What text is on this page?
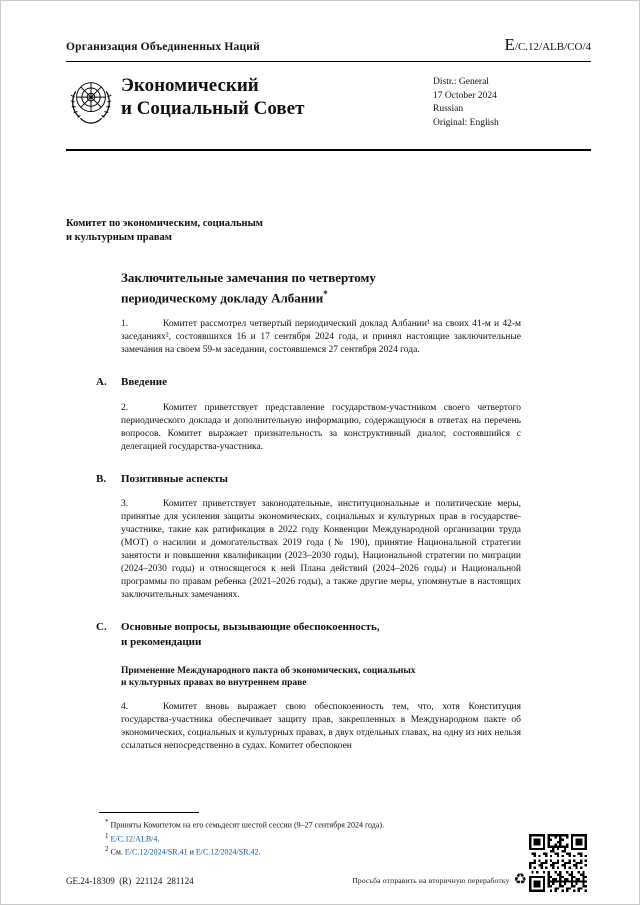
Организация Объединенных Наций	E/C.12/ALB/CO/4
Экономический
и Социальный Совет
Distr.: General
17 October 2024
Russian
Original: English
Комитет по экономическим, социальным
и культурным правам
Заключительные замечания по четвертому
периодическому докладу Албании*

1.	Комитет рассмотрел четвертый периодический доклад Албании¹ на своих 41-м и 42-м заседаниях², состоявшихся 16 и 17 сентября 2024 года, и принял настоящие заключительные замечания на своем 59-м заседании, состоявшемся 27 сентября 2024 года.

A. Введение

2.	Комитет приветствует представление государством-участником своего четвертого периодического доклада и дополнительную информацию, содержащуюся в ответах на перечень вопросов. Комитет выражает признательность за конструктивный диалог, состоявшийся с делегацией государства-участника.

B. Позитивные аспекты

3.	Комитет приветствует законодательные, институциональные и политические меры, принятые для усиления защиты экономических, социальных и культурных прав в государстве-участнике, такие как ратификация в 2022 году Конвенции Международной организации труда (МОТ) о насилии и домогательствах 2019 года (№ 190), принятие Национальной стратегии занятости и повышения квалификации (2023–2030 годы), Национальной стратегии по миграции (2024–2030 годы) и относящегося к ней Плана действий (2024–2026 годы) и Национальной программы по правам ребенка (2021–2026 годы), а также другие меры, упомянутые в настоящих заключительных замечаниях.

C. Основные вопросы, вызывающие обеспокоенность,
и рекомендации
Применение Международного пакта об экономических, социальных
и культурных правах во внутреннем праве

4.	Комитет вновь выражает свою обеспокоенность тем, что, хотя Конституция государства-участника обеспечивает защиту прав, закрепленных в Международном пакте об экономических, социальных и культурных правах, в двух отдельных главах, на одну из них нельзя ссылаться непосредственно в судах. Комитет обеспокоен

* Приняты Комитетом на его семьдесят шестой сессии (9–27 сентября 2024 года).
$^1$ E/C.12/ALB/4.
$^2$ См. E/C.12/2024/SR.41 и E/C.12/2024/SR.42.
GE.24-18309  (R)  221124  281124	Просьба отправить на вторичную переработку ♻
